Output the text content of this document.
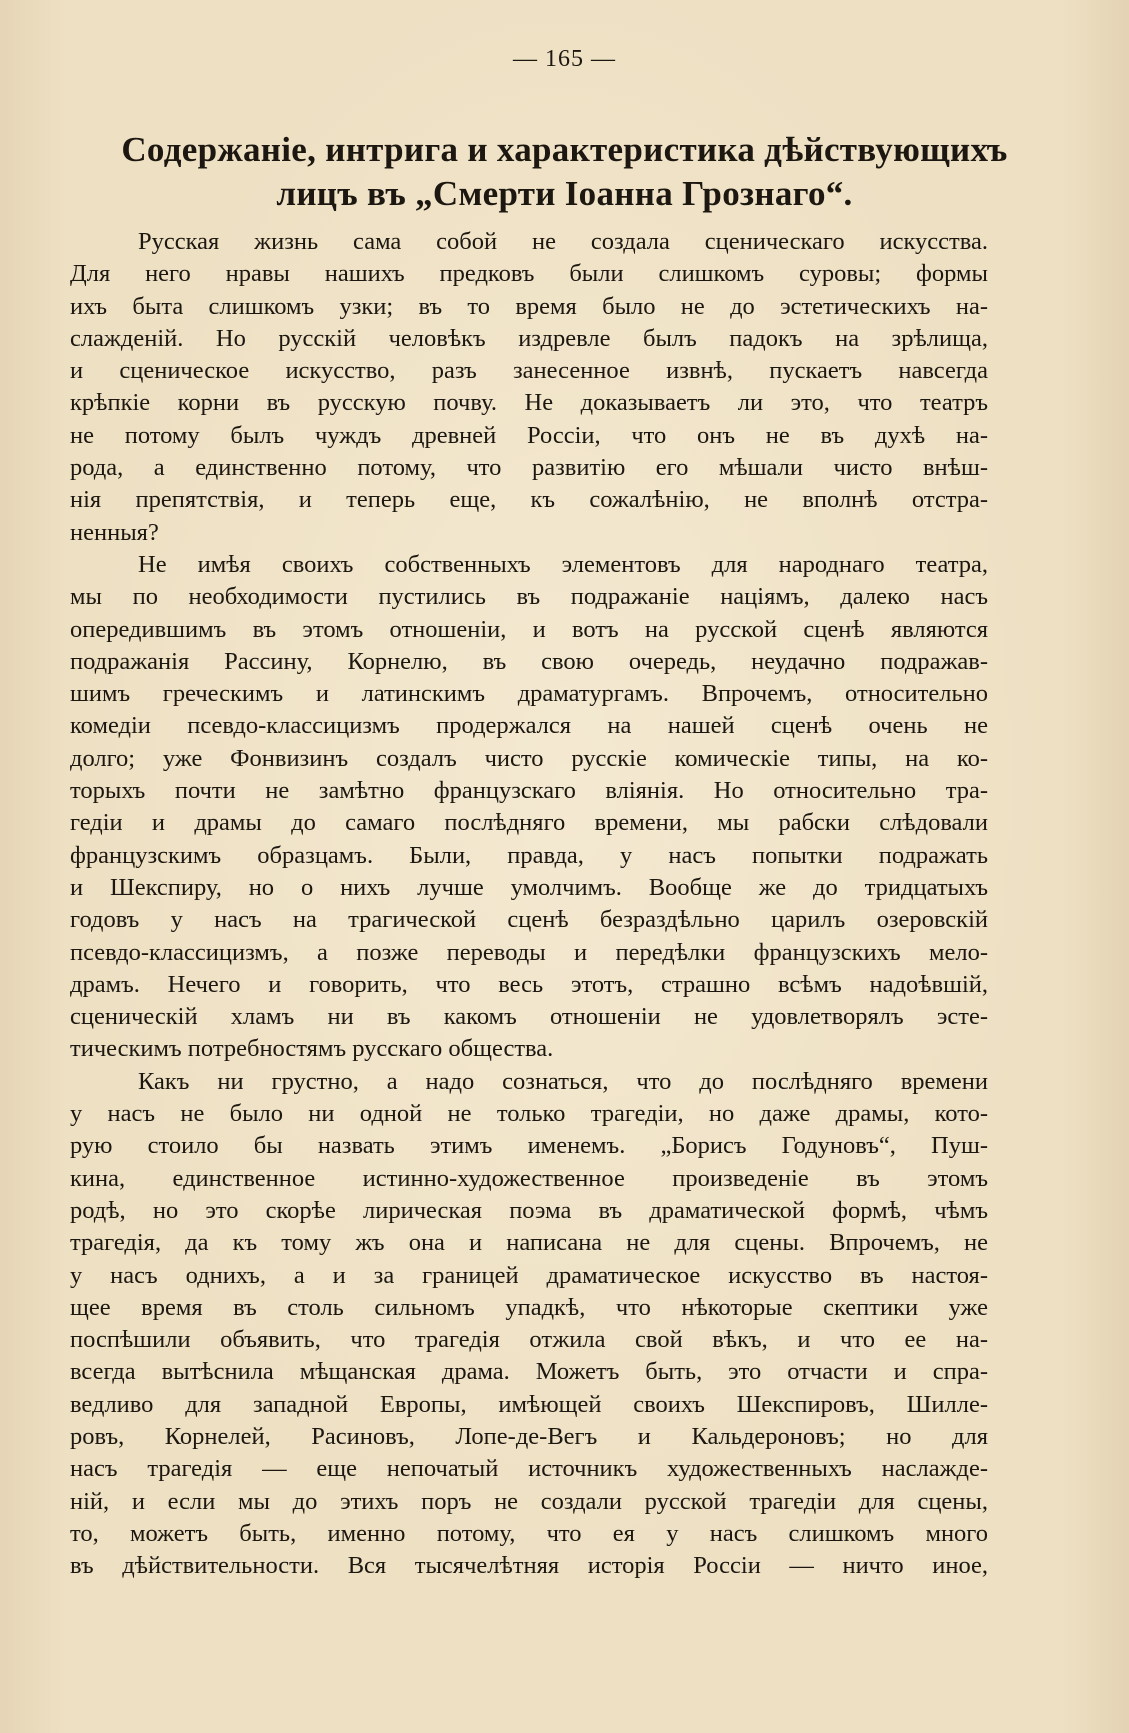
— 165 —
Содержаніе, интрига и характеристика дѣйствующихъ
лицъ въ „Смерти Іоанна Грознаго“.
Русская жизнь сама собой не создала сценическаго искусства.
Для него нравы нашихъ предковъ были слишкомъ суровы; формы
ихъ быта слишкомъ узки; въ то время было не до эстетическихъ на-
слажденій. Но русскій человѣкъ издревле былъ падокъ на зрѣлища,
и сценическое искусство, разъ занесенное извнѣ, пускаетъ навсегда
крѣпкіе корни въ русскую почву. Не доказываетъ ли это, что театръ
не потому былъ чуждъ древней Россіи, что онъ не въ духѣ на-
рода, а единственно потому, что развитію его мѣшали чисто внѣш-
нія препятствія, и теперь еще, къ сожалѣнію, не вполнѣ отстра-
ненныя?
Не имѣя своихъ собственныхъ элементовъ для народнаго театра,
мы по необходимости пустились въ подражаніе націямъ, далеко насъ
опередившимъ въ этомъ отношеніи, и вотъ на русской сценѣ являются
подражанія Рассину, Корнелю, въ свою очередь, неудачно подражав-
шимъ греческимъ и латинскимъ драматургамъ. Впрочемъ, относительно
комедіи псевдо-классицизмъ продержался на нашей сценѣ очень не
долго; уже Фонвизинъ создалъ чисто русскіе комическіе типы, на ко-
торыхъ почти не замѣтно французскаго вліянія. Но относительно тра-
гедіи и драмы до самаго послѣдняго времени, мы рабски слѣдовали
французскимъ образцамъ. Были, правда, у насъ попытки подражать
и Шекспиру, но о нихъ лучше умолчимъ. Вообще же до тридцатыхъ
годовъ у насъ на трагической сценѣ безраздѣльно царилъ озеровскій
псевдо-классицизмъ, а позже переводы и передѣлки французскихъ мело-
драмъ. Нечего и говорить, что весь этотъ, страшно всѣмъ надоѣвшій,
сценическій хламъ ни въ какомъ отношеніи не удовлетворялъ эсте-
тическимъ потребностямъ русскаго общества.
Какъ ни грустно, а надо сознаться, что до послѣдняго времени
у насъ не было ни одной не только трагедіи, но даже драмы, кото-
рую стоило бы назвать этимъ именемъ. „Борисъ Годуновъ“, Пуш-
кина, единственное истинно-художественное произведеніе въ этомъ
родѣ, но это скорѣе лирическая поэма въ драматической формѣ, чѣмъ
трагедія, да къ тому жъ она и написана не для сцены. Впрочемъ, не
у насъ однихъ, а и за границей драматическое искусство въ настоя-
щее время въ столь сильномъ упадкѣ, что нѣкоторые скептики уже
поспѣшили объявить, что трагедія отжила свой вѣкъ, и что ее на-
всегда вытѣснила мѣщанская драма. Можетъ быть, это отчасти и спра-
ведливо для западной Европы, имѣющей своихъ Шекспировъ, Шилле-
ровъ, Корнелей, Расиновъ, Лопе-де-Вегъ и Кальдероновъ; но для
насъ трагедія — еще непочатый источникъ художественныхъ наслажде-
ній, и если мы до этихъ поръ не создали русской трагедіи для сцены,
то, можетъ быть, именно потому, что ея у насъ слишкомъ много
въ дѣйствительности. Вся тысячелѣтняя исторія Россіи — ничто иное,
